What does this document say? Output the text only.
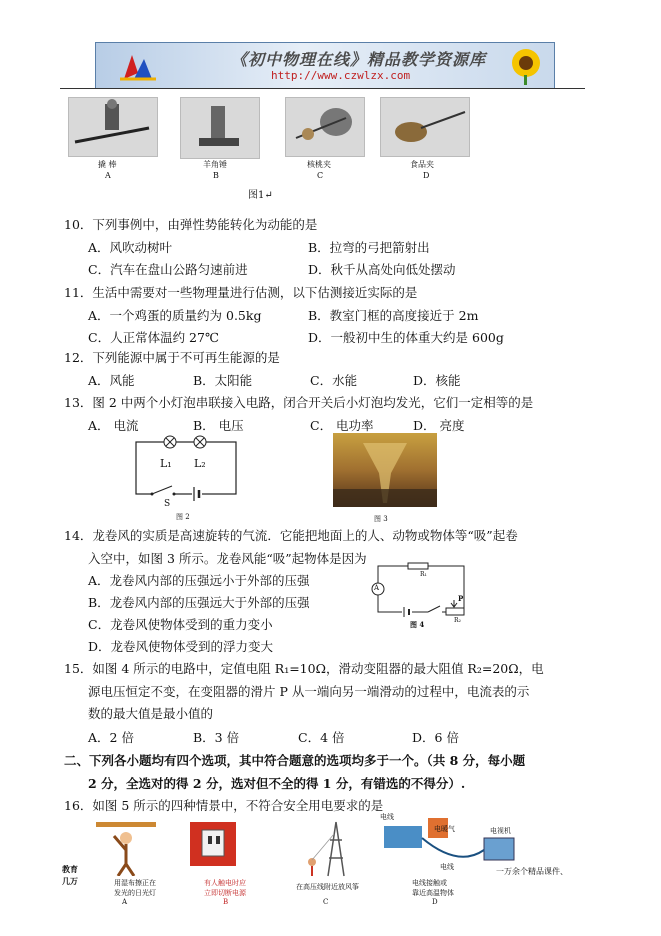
《初中物理在线》精品教学资源库
http://www.czwlzx.com
撬 棒
A
羊角锤
B
核桃夹
C
食品夹
D
图1↵
10．下列事例中，由弹性势能转化为动能的是
A．风吹动树叶	B．拉弯的弓把箭射出
C．汽车在盘山公路匀速前进	D．秋千从高处向低处摆动
11．生活中需要对一些物理量进行估测，以下估测接近实际的是
A．一个鸡蛋的质量约为 0.5kg	B．教室门框的高度接近于 2m
C．人正常体温约 27℃	D．一般初中生的体重大约是 600g
12．下列能源中属于不可再生能源的是
A．风能	B．太阳能	C．水能	D．核能
13．图 2 中两个小灯泡串联接入电路，闭合开关后小灯泡均发光，它们一定相等的是
A． 电流	B． 电压	C． 电功率	D． 亮度
L₁ L₂
S
图 2	图 3
14．龙卷风的实质是高速旋转的气流．它能把地面上的人、动物或物体等“吸”起卷
入空中，如图 3 所示。龙卷风能“吸”起物体是因为
A．龙卷风内部的压强远小于外部的压强
B．龙卷风内部的压强远大于外部的压强
C．龙卷风使物体受到的重力变小
D．龙卷风使物体受到的浮力变大
A
R₁
P
R₂
图 4
15．如图 4 所示的电路中，定值电阻 R₁=10Ω，滑动变阻器的最大阻值 R₂=20Ω，电
源电压恒定不变，在变阻器的滑片 P 从一端向另一端滑动的过程中，电流表的示
数的最大值是最小值的
A．2 倍	B．3 倍	C．4 倍	D．6 倍
二、下列各小题均有四个选项，其中符合题意的选项均多于一个。（共 8 分，每小题
2 分，全选对的得 2 分，选对但不全的得 1 分，有错选的不得分）.
16．如图 5 所示的四种情景中，不符合安全用电要求的是
用湿布擦正在
发光的日光灯
A
有人触电时应
立即切断电源
B
在高压线附近放风筝
C
电线
电暖气
电线
电视机
电线接触或
靠近高温物体
D
教育
几万
一万余个精品课件、
